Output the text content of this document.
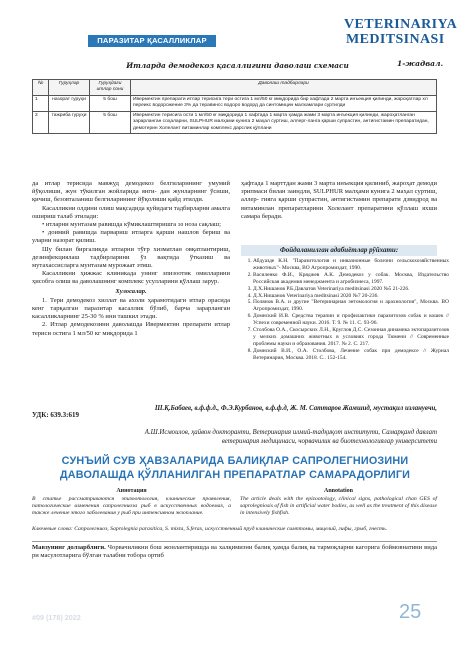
ПАРАЗИТАР ҚАСАЛЛИКЛАР
VETERINARIYA
MEDITSINASI
1-жадвал.
Итларда демодекоз қасаллигини даволаш схемаси
№	Гуруҳлар	Гуруҳдаги итлар сони	Даволаш тадбирлари
1	назорат гуруҳи	5 бош	Ивермектин препарати итлар терисига тери остига 1 мл/50 кг миқдорида бир хафтада 2 марта инъекция қилинди, жароҳатлар хл переикс водорожение 3% да теравинсс водоро водорд да синтомицин малхамлари суртилди
2	тажриба гуруҳи	5 бош	Ивермектин терисига ости 1 мл/50 кг миқдорида 1 хафтада 1 марта ҳамда жами 3 марта инъекция қилинди, жароҳатланган зарарланган соҳаларни, SULPHUR малҳами кунига 2 мaҳал суртиш, аллерг-ланга қарши супрастин, антигистамин препаратидан, демотерин Холелант витаминлар комплекс дарслик қўллани

да итлар терисида мавжуд демодекоз белгиларининг умумий йўқолиши, жун тўкилган жойларида янги- дан жунларнинг ўсиши, қичиш, безовталаниш белгиларининг йўқолиши қайд этилди.

Касалликни олдини олиш мақсадида қуйидаги тадбирларни амалга ошириш талаб этилади:

• итларни мунтазам равишда кўмиклаштиришга эз ноза сақлаш;

• доимий равишда парвариш итларга қарши нашлов бериш ва уларни назорат қилиш.

Шу билан биргаликда итларни тўғр хизматлан овқатлантириш, дезинфекциялаш тадбирларини ўз вақтида ўтказиш ва мутахассисларга мунтазам мурожаат этиш.

Касалликни ҳижжас клиникада унинг эпизоотик омилларини ҳисобга олиш ва даволашнинг комплекс усулларини қўллаш зарур.

Хулосалар.

1. Тери демодекоз хиллат ва ахоли ҳарамотидаги итлар орасида кенг тарқалган паразитар касаллик бўлиб, барча зарарланган касалликларнинг 25-30 % ини ташкил этади.

2. Итлар демодекозини даволашда Ивермектин препарати итлар териси остига 1 мл/50 кг миқдорида 1

ҳафтада 1 марттдан жами 3 марта инъекция қилиниб, жароҳат демоди зрипмаси билан заиндли, SULPHUR малҳами кунига 2 мaҳал суртиш, аллер- гияга қарши супрастин, антигистамин препарати дзвидрод ва витаминлан препаратларини Холелант препаратини қўллаш яхши самара беради.

Фойдаланилган адабиётлар рўйхати:
1. Абдуазде К.Н. "Паразитология и инвазионные болезни сельскохозяйственных животных"- Москва, ВО Агропромиздат, 1990.
2. Василенко Ф.И., Кряджев А.К. Демодекоз у собак. Москва, Издательство Российская академия менеджмента и агробизнеса, 1997.
3. Д.Х.Нишанов Р.Б.Давлатов Veterinariya meditsinasi 2020 №5 21-226.
4. Д.Х.Нишанов Veterinariya meditsinasi 2020 №7 20-236.
5. Полянов В.А. и другие "Ветеринарная энтомология и арахнология", Москва. ВО Агропромиздат, 1990.
6. Домнский И.В. Средства терапии и профилактики паразитозов собак и кошек // Успехи современной науки. 2016. Т. 9. № 11. С. 93-96.
7. Столбова О.А., Скосырских Л.Н., Круглов Д.С. Сезонная динамика эктопаразитозов у мелких домашних животных в условиях города Тюмени // Современные проблемы науки и образования. 2017. № 2. С. 217.
8. Домнский В.И., О.А. Столбова, Лечение собак при демодексе // Журнал Ветеринария, Москва. 2018. С.. 152-154.
УДК: 639.3:619
Ш.Қ.Бабаев, в.ф.ф.д., Ф.Э.Курбанов, в.ф.ф.д, Ж. М. Саттаров Жамшид, мустақил изланувчи,
А.Ш.Исмоилов, ҳайвон докторанти, Ветеринария илмий-тадқиқот институти, Самарқанд давлат ветеринария медицинаси, чорвачилик ва биотехнологиялар университети
СУНЪИЙ СУВ ҲАВЗАЛАРИДА БАЛИҚЛАР САПРОЛЕГНИОЗИНИ ДАВОЛАШДА ҚЎЛЛАНИЛГАН ПРЕПАРАТЛАР САМАРАДОРЛИГИ
Аннотация	Annotation
В статье рассматриваются эпизоотология, клинические проявления, патологические изменения сапролегниоза рыб в искусственных водоемах, а также лечение этого заболевания у рыб при интенсивном экзоплание.
The article deals with the epizootology, clinical signs, pathological chan GES of saprolegniosis of fish in artificial water bodies, as well as the treatment of this disease in intensively fishfish.
Ключевые слова: Сапролегниоз, Saprolegnia parasitica, S. mixta, S.ferax, искусственный пруд клинические симптомы, мицелий, гифы, грыб, гнесть.
Мавзунинг долзарблиги. Чорвачиликни бош жонлантиришда ва халқимизни балиқ ҳамда балиқ ва тармоқларни кагорига боймовнатини вида ри масулотларига бўлган талабни тобора ортиб
#09 (178) 2022	25
